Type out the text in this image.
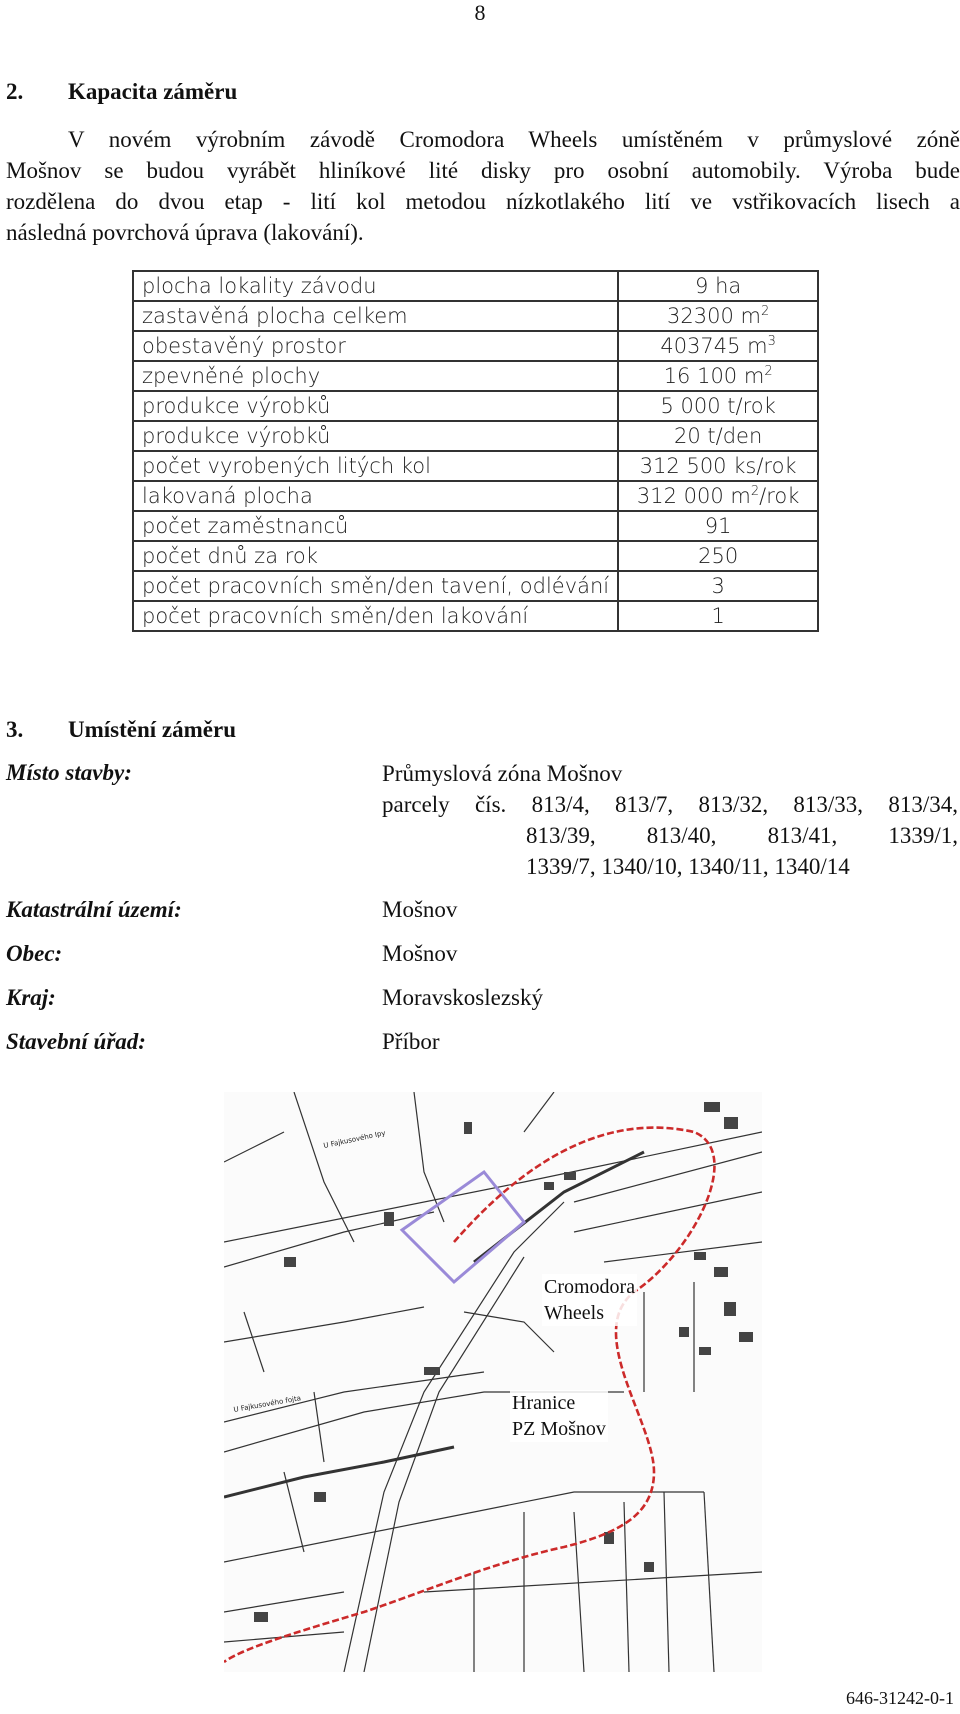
8
2. Kapacita záměru
V novém výrobním závodě Cromodora Wheels umístěném v průmyslové zóně
Mošnov se budou vyrábět hliníkové lité disky pro osobní automobily. Výroba bude
rozdělena do dvou etap - lití kol metodou nízkotlakého lití ve vstřikovacích lisech a
následná povrchová úprava (lakování).
plocha lokality závodu	9 ha
zastavěná plocha celkem	32300 $m^2$
obestavěný prostor	403745 $m^3$
zpevněné plochy	16 100 $m^2$
produkce výrobků	5 000 t/rok
produkce výrobků	20 t/den
počet vyrobených litých kol	312 500 ks/rok
lakovaná plocha	312 000 $m^2$/rok
počet zaměstnanců	91
počet dnů za rok	250
počet pracovních směn/den tavení, odlévání	3
počet pracovních směn/den lakování	1
3. Umístění záměru
Místo stavby:	Průmyslová zóna Mošnov
parcely čís. 813/4, 813/7, 813/32, 813/33, 813/34,
813/39, 813/40, 813/41, 1339/1,
1339/7, 1340/10, 1340/11, 1340/14
Katastrální území:	Mošnov
Obec:	Mošnov
Kraj:	Moravskoslezský
Stavební úřad:	Příbor
U Fajkusového Ipy
U Fajkusového fojta
Cromodora
Wheels
Hranice
PZ Mošnov
646-31242-0-1
